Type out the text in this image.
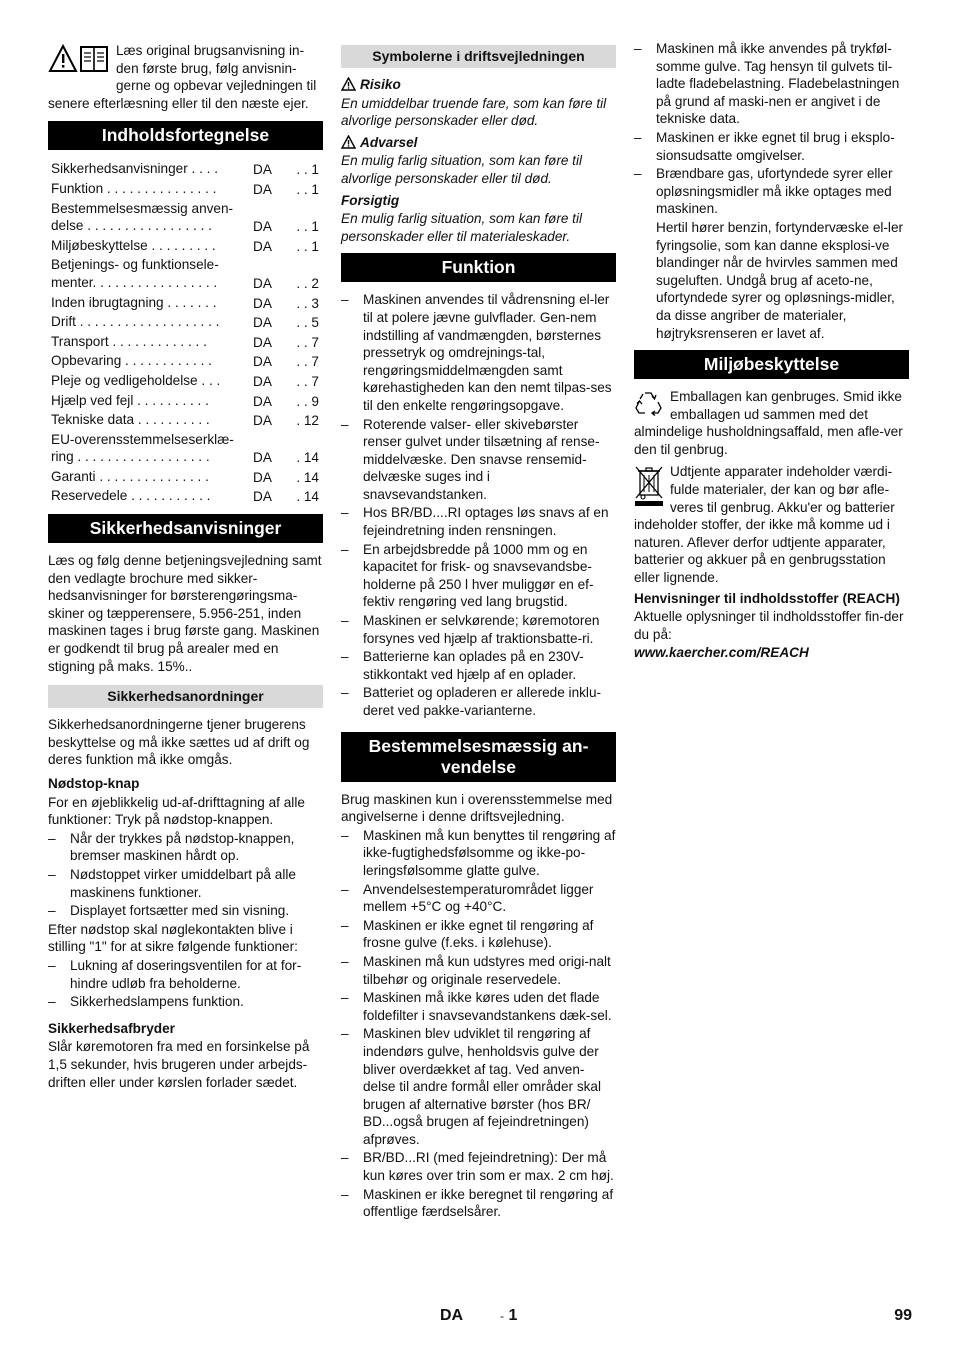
Læs original brugsanvisning in-den første brug, følg anvisnin-gerne og opbevar vejledningen til senere efterlæsning eller til den næste ejer.

Indholdsfortegnelse
Sikkerhedsanvisninger . . . .	DA	. . 1
Funktion . . . . . . . . . . . . . . .	DA	. . 1
Bestemmelsesmæssig anven-delse . . . . . . . . . . . . . . . . .	DA	. . 1
Miljøbeskyttelse . . . . . . . . .	DA	. . 1
Betjenings- og funktionsele-menter. . . . . . . . . . . . . . . . .	DA	. . 2
Inden ibrugtagning . . . . . . .	DA	. . 3
Drift . . . . . . . . . . . . . . . . . . .	DA	. . 5
Transport . . . . . . . . . . . . .	DA	. . 7
Opbevaring . . . . . . . . . . . .	DA	. . 7
Pleje og vedligeholdelse . . .	DA	. . 7
Hjælp ved fejl . . . . . . . . . .	DA	. . 9
Tekniske data . . . . . . . . . .	DA	. 12
EU-overensstemmelseserklæ-ring . . . . . . . . . . . . . . . . . .	DA	. 14
Garanti . . . . . . . . . . . . . . .	DA	. 14
Reservedele . . . . . . . . . . .	DA	. 14
Sikkerhedsanvisninger

Læs og følg denne betjeningsvejledning samt den vedlagte brochure med sikker-hedsanvisninger for børsterengøringsma-skiner og tæpperensere, 5.956-251, inden maskinen tages i brug første gang. Maskinen er godkendt til brug på arealer med en stigning på maks. 15%..

Sikkerhedsanordninger

Sikkerhedsanordningerne tjener brugerens beskyttelse og må ikke sættes ud af drift og deres funktion må ikke omgås.

Nødstop-knap

For en øjeblikkelig ud-af-drifttagning af alle funktioner: Tryk på nødstop-knappen.

– Når der trykkes på nødstop-knappen, bremser maskinen hårdt op.
– Nødstoppet virker umiddelbart på alle maskinens funktioner.
– Displayet fortsætter med sin visning.

Efter nødstop skal nøglekontakten blive i stilling "1" for at sikre følgende funktioner:

– Lukning af doseringsventilen for at for-hindre udløb fra beholderne.
– Sikkerhedslampens funktion.

Sikkerhedsafbryder

Slår køremotoren fra med en forsinkelse på 1,5 sekunder, hvis brugeren under arbejds-driften eller under kørslen forlader sædet.

Symbolerne i driftsvejledningen

Risiko

En umiddelbar truende fare, som kan føre til alvorlige personskader eller død.

Advarsel

En mulig farlig situation, som kan føre til alvorlige personskader eller til død.

Forsigtig

En mulig farlig situation, som kan føre til personskader eller til materialeskader.

Funktion
– Maskinen anvendes til vådrensning el-ler til at polere jævne gulvflader. Gen-nem indstilling af vandmængden, børsternes pressetryk og omdrejnings-tal, rengøringsmiddelmængden samt kørehastigheden kan den nemt tilpas-ses til den enkelte rengøringsopgave.
– Roterende valser- eller skivebørster renser gulvet under tilsætning af rense-middelvæske. Den snavse rensemid-delvæske suges ind i snavsevandstanken.
– Hos BR/BD....RI optages løs snavs af en fejeindretning inden rensningen.
– En arbejdsbredde på 1000 mm og en kapacitet for frisk- og snavsevandsbe-holderne på 250 l hver muliggør en ef-fektiv rengøring ved lang brugstid.
– Maskinen er selvkørende; køremotoren forsynes ved hjælp af traktionsbatte-ri.
– Batterierne kan oplades på en 230V-stikkontakt ved hjælp af en oplader.
– Batteriet og opladeren er allerede inklu-deret ved pakke-varianterne.
Bestemmelsesmæssig an-vendelse

Brug maskinen kun i overensstemmelse med angivelserne i denne driftsvejledning.

– Maskinen må kun benyttes til rengøring af ikke-fugtighedsfølsomme og ikke-po-leringsfølsomme glatte gulve.
– Anvendelsestemperaturområdet ligger mellem +5°C og +40°C.
– Maskinen er ikke egnet til rengøring af frosne gulve (f.eks. i kølehuse).
– Maskinen må kun udstyres med origi-nalt tilbehør og originale reservedele.
– Maskinen må ikke køres uden det flade foldefilter i snavsevandstankens dæk-sel.
– Maskinen blev udviklet til rengøring af indendørs gulve, henholdsvis gulve der bliver overdækket af tag. Ved anven-delse til andre formål eller områder skal brugen af alternative børster (hos BR/ BD...også brugen af fejeindretningen) afprøves.
– BR/BD...RI (med fejeindretning): Der må kun køres over trin som er max. 2 cm høj.
– Maskinen er ikke beregnet til rengøring af offentlige færdselsårer.
– Maskinen må ikke anvendes på trykføl-somme gulve. Tag hensyn til gulvets til-ladte fladebelastning. Fladebelastningen på grund af maski-nen er angivet i de tekniske data.
– Maskinen er ikke egnet til brug i eksplo-sionsudsatte omgivelser.
– Brændbare gas, ufortyndede syrer eller opløsningsmidler må ikke optages med maskinen.

Hertil hører benzin, fortyndervæske el-ler fyringsolie, som kan danne eksplosi-ve blandinger når de hvirvles sammen med sugeluften. Undgå brug af aceto-ne, ufortyndede syrer og opløsnings-midler, da disse angriber de materialer, højtryksrenseren er lavet af.

Miljøbeskyttelse

Emballagen kan genbruges. Smid ikke emballagen ud sammen med det almindelige husholdningsaffald, men afle-ver den til genbrug.

Udtjente apparater indeholder værdi-fulde materialer, der kan og bør afle-veres til genbrug. Akku'er og batterier indeholder stoffer, der ikke må komme ud i naturen. Aflever derfor udtjente apparater, batterier og akkuer på en genbrugsstation eller lignende.

Henvisninger til indholdsstoffer (REACH)

Aktuelle oplysninger til indholdsstoffer fin-der du på:

www.kaercher.com/REACH

DA	- 1	99
